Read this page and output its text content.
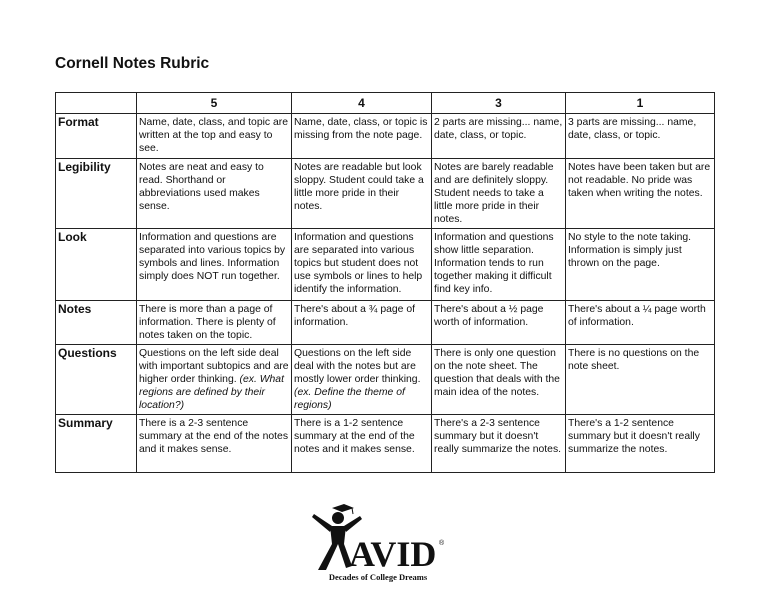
Cornell Notes Rubric
	5	4	3	1
Format	Name, date, class, and topic are written at the top and easy to see.	Name, date, class, or topic is missing from the note page.	2 parts are missing... name, date, class, or topic.	3 parts are missing... name, date, class, or topic.
Legibility	Notes are neat and easy to read. Shorthand or abbreviations used makes sense.	Notes are readable but look sloppy. Student could take a little more pride in their notes.	Notes are barely readable and are definitely sloppy. Student needs to take a little more pride in their notes.	Notes have been taken but are not readable. No pride was taken when writing the notes.
Look	Information and questions are separated into various topics by symbols and lines. Information simply does NOT run together.	Information and questions are separated into various topics but student does not use symbols or lines to help identify the information.	Information and questions show little separation. Information tends to run together making it difficult find key info.	No style to the note taking. Information is simply just thrown on the page.
Notes	There is more than a page of information. There is plenty of notes taken on the topic.	There's about a ¾ page of information.	There's about a ½ page worth of information.	There's about a ¼ page worth of information.
Questions	Questions on the left side deal with important subtopics and are higher order thinking. (ex. What regions are defined by their location?)	Questions on the left side deal with the notes but are mostly lower order thinking. (ex. Define the theme of regions)	There is only one question on the note sheet. The question that deals with the main idea of the notes.	There is no questions on the note sheet.
Summary	There is a 2-3 sentence summary at the end of the notes and it makes sense.	There is a 1-2 sentence summary at the end of the notes and it makes sense.	There's a 2-3 sentence summary but it doesn't really summarize the notes.	There's a 1-2 sentence summary but it doesn't really summarize the notes.
AVID ®
Decades of College Dreams
